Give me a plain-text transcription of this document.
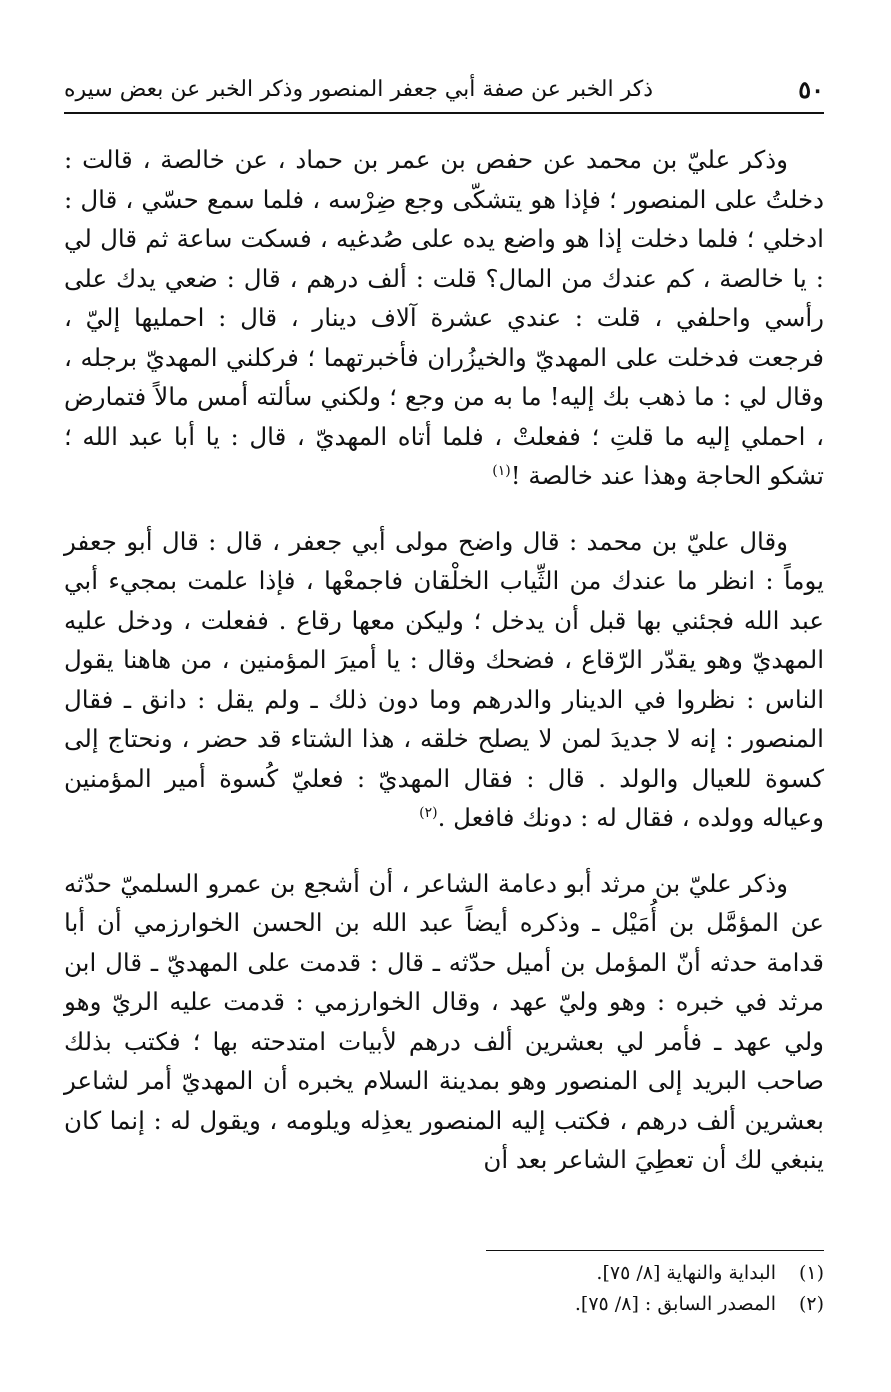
٥٠
ذكر الخبر عن صفة أبي جعفر المنصور وذكر الخبر عن بعض سيره

وذكر عليّ بن محمد عن حفص بن عمر بن حماد ، عن خالصة ، قالت : دخلتُ على المنصور ؛ فإذا هو يتشكّى وجع ضِرْسه ، فلما سمع حسّي ، قال : ادخلي ؛ فلما دخلت إذا هو واضع يده على صُدغيه ، فسكت ساعة ثم قال لي : يا خالصة ، كم عندك من المال؟ قلت : ألف درهم ، قال : ضعي يدك على رأسي واحلفي ، قلت : عندي عشرة آلاف دينار ، قال : احمليها إليّ ، فرجعت فدخلت على المهديّ والخيزُران فأخبرتهما ؛ فركلني المهديّ برجله ، وقال لي : ما ذهب بك إليه! ما به من وجع ؛ ولكني سألته أمس مالاً فتمارض ، احملي إليه ما قلتِ ؛ ففعلتْ ، فلما أتاه المهديّ ، قال : يا أبا عبد الله ؛ تشكو الحاجة وهذا عند خالصة !$^{(١)}$

وقال عليّ بن محمد : قال واضح مولى أبي جعفر ، قال : قال أبو جعفر يوماً : انظر ما عندك من الثِّياب الخلْقان فاجمعْها ، فإذا علمت بمجيء أبي عبد الله فجئني بها قبل أن يدخل ؛ وليكن معها رقاع . ففعلت ، ودخل عليه المهديّ وهو يقدّر الرّقاع ، فضحك وقال : يا أميرَ المؤمنين ، من هاهنا يقول الناس : نظروا في الدينار والدرهم وما دون ذلك ـ ولم يقل : دانق ـ فقال المنصور : إنه لا جديدَ لمن لا يصلح خلقه ، هذا الشتاء قد حضر ، ونحتاج إلى كسوة للعيال والولد . قال : فقال المهديّ : فعليّ كُسوة أمير المؤمنين وعياله وولده ، فقال له : دونك فافعل .$^{(٢)}$

وذكر عليّ بن مرثد أبو دعامة الشاعر ، أن أشجع بن عمرو السلميّ حدّثه عن المؤمَّل بن أُمَيْل ـ وذكره أيضاً عبد الله بن الحسن الخوارزمي أن أبا قدامة حدثه أنّ المؤمل بن أميل حدّثه ـ قال : قدمت على المهديّ ـ قال ابن مرثد في خبره : وهو وليّ عهد ، وقال الخوارزمي : قدمت عليه الريّ وهو ولي عهد ـ فأمر لي بعشرين ألف درهم لأبيات امتدحته بها ؛ فكتب بذلك صاحب البريد إلى المنصور وهو بمدينة السلام يخبره أن المهديّ أمر لشاعر بعشرين ألف درهم ، فكتب إليه المنصور يعذِله ويلومه ، ويقول له : إنما كان ينبغي لك أن تعطِيَ الشاعر بعد أن

(١)
البداية والنهاية [٨/ ٧٥].
(٢)
المصدر السابق : [٨/ ٧٥].
